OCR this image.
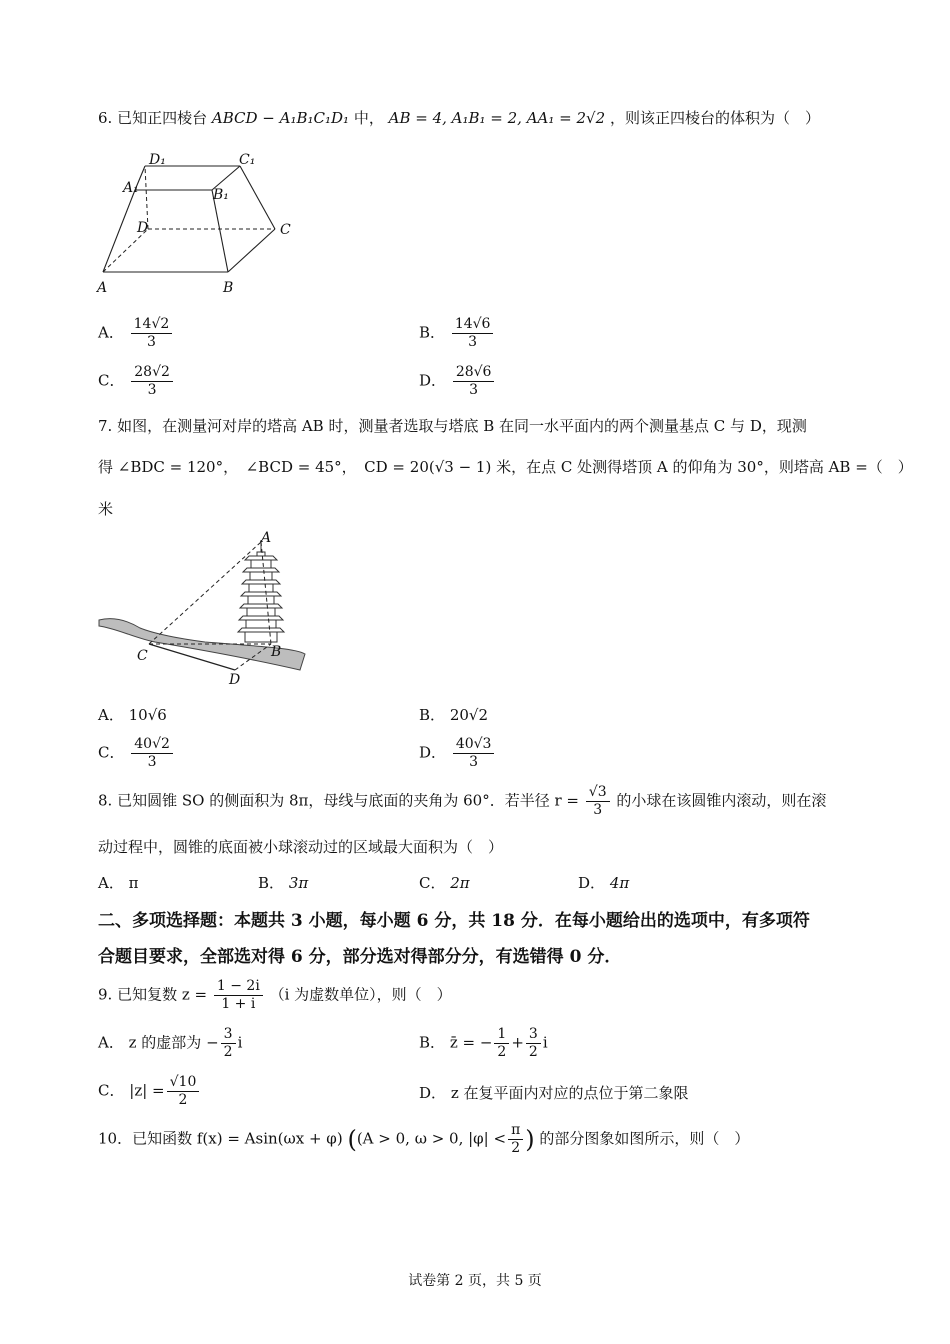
6. 已知正四棱台 ABCD − A₁B₁C₁D₁ 中， AB = 4, A₁B₁ = 2, AA₁ = 2√2 ，则该正四棱台的体积为（　）
A	B
C
D
A₁	B₁
C₁
D₁
A． $\frac{14√2}{3}$	B． $\frac{14√6}{3}$
C． $\frac{28√2}{3}$	D． $\frac{28√6}{3}$
7. 如图，在测量河对岸的塔高 AB 时，测量者选取与塔底 B 在同一水平面内的两个测量基点 C 与 D，现测
得 ∠BDC = 120°，　∠BCD = 45°，　CD = 20(√3 − 1) 米，在点 C 处测得塔顶 A 的仰角为 30°，则塔高 AB =（　）
米
A
B
C
D
A． 10√6	B． 20√2
C． $\frac{40√2}{3}$	D． $\frac{40√3}{3}$
8. 已知圆锥 SO 的侧面积为 8π，母线与底面的夹角为 60°．若半径 $r = \frac{√3}{3}$ 的小球在该圆锥内滚动，则在滚
动过程中，圆锥的底面被小球滚动过的区域最大面积为（　）
A． π	B． 3π	C． 2π	D． 4π
二、多项选择题：本题共 3 小题，每小题 6 分，共 18 分．在每小题给出的选项中，有多项符
合题目要求，全部选对得 6 分，部分选对得部分分，有选错得 0 分．
9. 已知复数 $z = \frac{1 - 2i}{1 + i} (i$ 为虚数单位），则（　）
A． z 的虚部为 − $\frac{3}{2}$ i	B． z̄ = − $\frac{1}{2} + \frac{3}{2}$ i
C． $|z| = \frac{√10}{2}$	D． z 在复平面内对应的点位于第二象限
10．已知函数 f(x) = Asin(ωx + φ) ((A > 0, ω > 0, $|\varphi| < \frac{\pi}{2}$ ) 的部分图象如图所示，则（　）
试卷第 2 页，共 5 页
